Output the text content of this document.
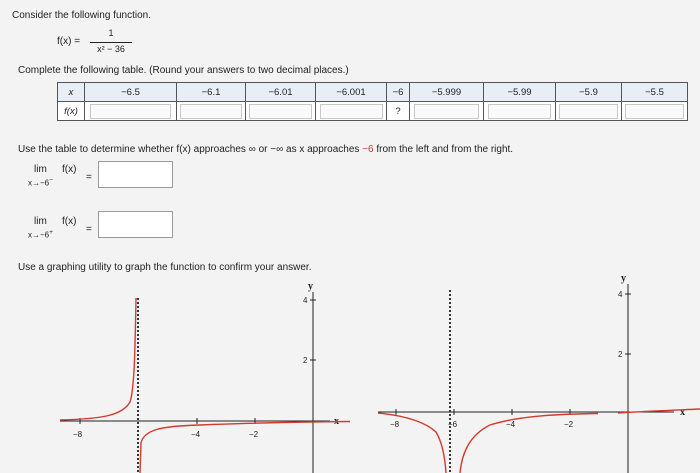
Consider the following function.
f(x) =
1
x² − 36
Complete the following table. (Round your answers to two decimal places.)
x	−6.5	−6.1	−6.01	−6.001	−6	−5.999	−5.99	−5.9	−5.5
f(x)					?	

Use the table to determine whether f(x) approaches ∞ or −∞ as x approaches −6 from the left and from the right.
lim f(x)
x→−6−	=
lim f(x)
x→−6+	=
Use a graphing utility to graph the function to confirm your answer.
y
x
4
2
−8	−4	−2
y
x
4
2
−8	−6	−4	−2
